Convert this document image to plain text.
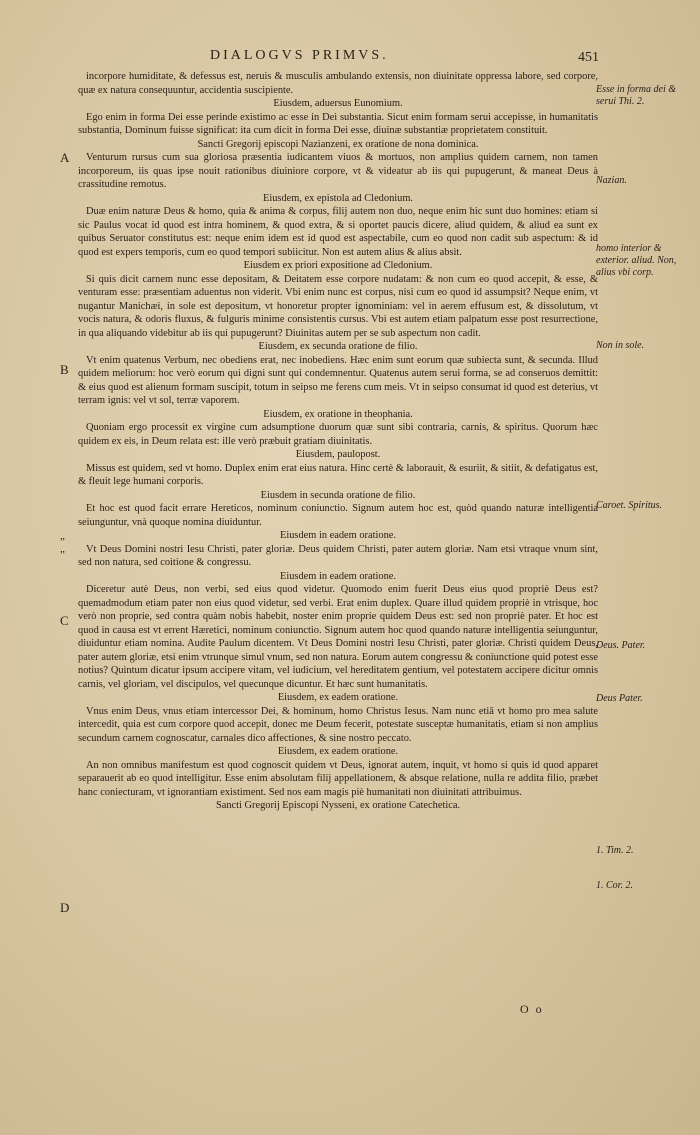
DIALOGVS PRIMVS.	451

incorpore humiditate, & defessus est, neruis & musculis ambulando extensis, non diuinitate oppressa labore, sed corpore, quæ ex natura consequuntur, accidentia suscipiente.

Eiusdem, aduersus Eunomium.

Ego enim in forma Dei esse perinde existimo ac esse in Dei substantia. Sicut enim formam serui accepisse, in humanitatis substantia, Dominum fuisse significat: ita cum dicit in forma Dei esse, diuinæ substantiæ proprietatem constituit.

Sancti Gregorij episcopi Nazianzeni, ex oratione de nona dominica.

Venturum rursus cum sua gloriosa præsentia iudicantem viuos & mortuos, non amplius quidem carnem, non tamen incorporeum, iis quas ipse nouit rationibus diuiniore corpore, vt & videatur ab iis qui pupugerunt, & maneat Deus à crassitudine remotus.

Eiusdem, ex epistola ad Cledonium.

Duæ enim naturæ Deus & homo, quia & anima & corpus, filij autem non duo, neque enim hic sunt duo homines: etiam si sic Paulus vocat id quod est intra hominem, & quod extra, & si oportet paucis dicere, aliud quidem, & aliud ea sunt ex quibus Seruator constitutus est: neque enim idem est id quod est aspectabile, cum eo quod non cadit sub aspectum: & id quod est expers temporis, cum eo quod tempori subiicitur. Non est autem alius & alius absit.

Eiusdem ex priori expositione ad Cledonium.

Si quis dicit carnem nunc esse depositam, & Deitatem esse corpore nudatam: & non cum eo quod accepit, & esse, & venturam esse: præsentiam aduentus non viderit. Vbi enim nunc est corpus, nisi cum eo quod id assumpsit? Neque enim, vt nugantur Manichæi, in sole est depositum, vt honoretur propter ignominiam: vel in aerem effusum est, & dissolutum, vt vocis natura, & odoris fluxus, & fulguris minime consistentis cursus. Vbi est autem etiam palpatum esse post resurrectione, in qua aliquando videbitur ab iis qui pupugerunt? Diuinitas autem per se sub aspectum non cadit.

Eiusdem, ex secunda oratione de filio.

Vt enim quatenus Verbum, nec obediens erat, nec inobediens. Hæc enim sunt eorum quæ subiecta sunt, & secunda. Illud quidem meliorum: hoc verò eorum qui digni sunt qui condemnentur. Quatenus autem serui forma, se ad conseruos demittit: & eius quod est alienum formam suscipit, totum in seipso me ferens cum meis. Vt in seipso consumat id quod est deterius, vt terram ignis: vel vt sol, terræ vaporem.

Eiusdem, ex oratione in theophania.

Quoniam ergo processit ex virgine cum adsumptione duorum quæ sunt sibi contraria, carnis, & spiritus. Quorum hæc quidem ex eis, in Deum relata est: ille verò præbuit gratiam diuinitatis.

Eiusdem, paulopost.

Missus est quidem, sed vt homo. Duplex enim erat eius natura. Hinc certè & laborauit, & esuriit, & sitiit, & defatigatus est, & fleuit lege humani corporis.

Eiusdem in secunda oratione de filio.

Et hoc est quod facit errare Hereticos, nominum coniunctio. Signum autem hoc est, quòd quando naturæ intelligentia seiunguntur, vnà quoque nomina diuiduntur.

Eiusdem in eadem oratione.

Vt Deus Domini nostri Iesu Christi, pater gloriæ. Deus quidem Christi, pater autem gloriæ. Nam etsi vtraque vnum sint, sed non natura, sed coitione & congressu.

Eiusdem in eadem oratione.

Diceretur autè Deus, non verbi, sed eius quod videtur. Quomodo enim fuerit Deus eius quod propriè Deus est? quemadmodum etiam pater non eius quod videtur, sed verbi. Erat enim duplex. Quare illud quidem propriè in vtrisque, hoc verò non proprie, sed contra quàm nobis habebit, noster enim proprie quidem Deus est: sed non propriè pater. Et hoc est quod in causa est vt errent Hæretici, nominum coniunctio. Signum autem hoc quod quando naturæ intelligentia seiunguntur, diuiduntur etiam nomina. Audite Paulum dicentem. Vt Deus Domini nostri Iesu Christi, pater gloriæ. Christi quidem Deus, pater autem gloriæ, etsi enim vtrunque simul vnum, sed non natura. Eorum autem congressu & coniunctione quid potest esse notius? Quintum dicatur ipsum accipere vitam, vel iudicium, vel hereditatem gentium, vel potestatem accipere dicitur omnis carnis, vel gloriam, vel discipulos, vel quecunque dicuntur. Et hæc sunt humanitatis.

Eiusdem, ex eadem oratione.

Vnus enim Deus, vnus etiam intercessor Dei, & hominum, homo Christus Iesus. Nam nunc etiā vt homo pro mea salute intercedit, quia est cum corpore quod accepit, donec me Deum fecerit, potestate susceptæ humanitatis, etiam si non amplius secundum carnem cognoscatur, carnales dico affectiones, & sine nostro peccato.

Eiusdem, ex eadem oratione.

An non omnibus manifestum est quod cognoscit quidem vt Deus, ignorat autem, inquit, vt homo si quis id quod apparet separauerit ab eo quod intelligitur. Esse enim absolutam filij appellationem, & absque relatione, nulla re addita filio, præbet hanc coniecturam, vt ignorantiam existiment. Sed nos eam magis piè humanitati non diuinitati attribuimus.

Sancti Gregorij Episcopi Nysseni, ex oratione Catechetica.

Esse in forma dei & serui Thi. 2.
Nazian.
homo interior & exterior. aliud. Non, alius vbi corp.
Non in sole.
Caroet. Spiritus.
Deus. Pater.
Deus Pater.
1. Tim. 2.
1. Cor. 2.
A
B
C
D
„
„
O o
